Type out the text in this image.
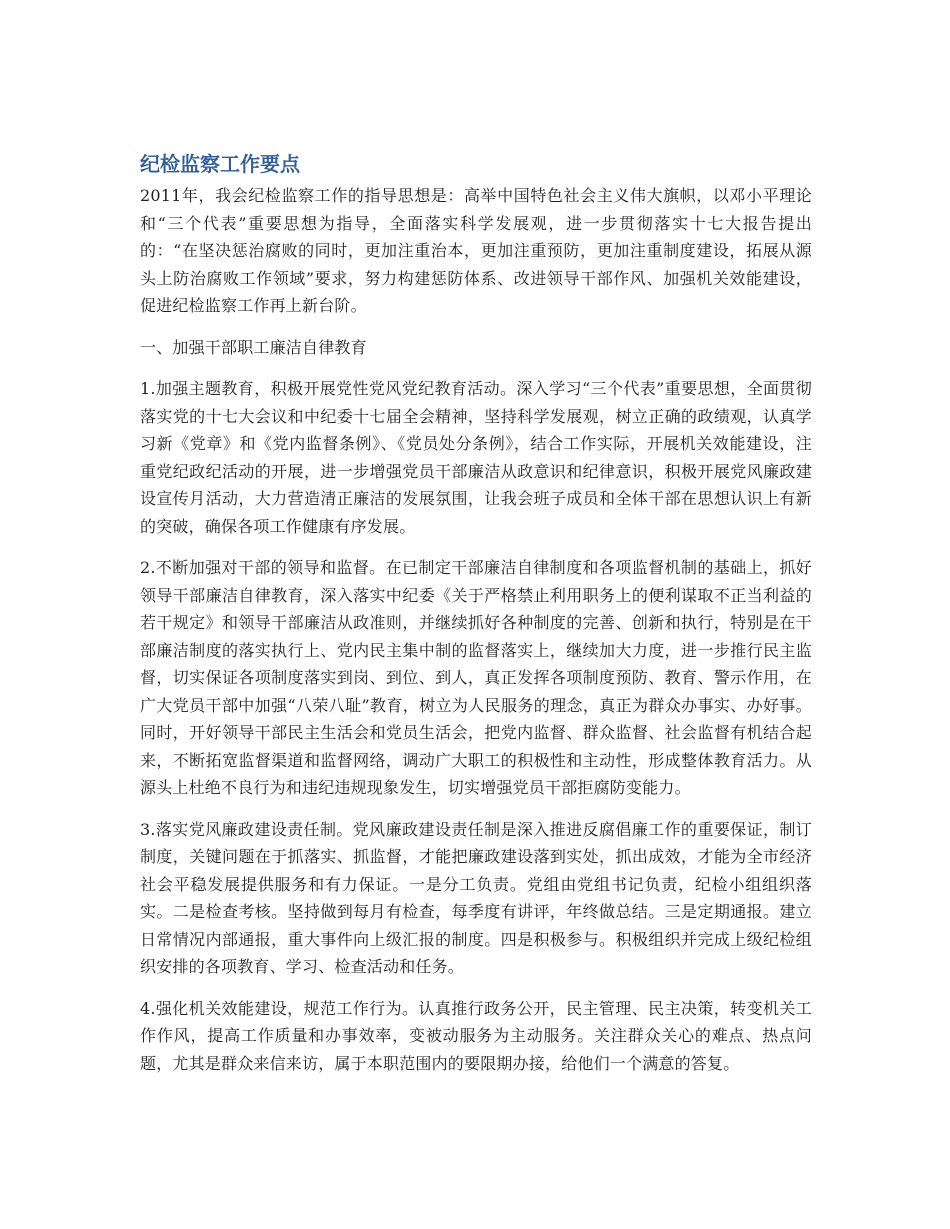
纪检监察工作要点

2011年，我会纪检监察工作的指导思想是：高举中国特色社会主义伟大旗帜，以邓小平理论和“三个代表”重要思想为指导，全面落实科学发展观，进一步贯彻落实十七大报告提出的：“在坚决惩治腐败的同时，更加注重治本，更加注重预防，更加注重制度建设，拓展从源头上防治腐败工作领域”要求，努力构建惩防体系、改进领导干部作风、加强机关效能建设，促进纪检监察工作再上新台阶。

一、加强干部职工廉洁自律教育

1.加强主题教育，积极开展党性党风党纪教育活动。深入学习“三个代表”重要思想，全面贯彻落实党的十七大会议和中纪委十七届全会精神，坚持科学发展观，树立正确的政绩观，认真学习新《党章》和《党内监督条例》、《党员处分条例》，结合工作实际，开展机关效能建设，注重党纪政纪活动的开展，进一步增强党员干部廉洁从政意识和纪律意识，积极开展党风廉政建设宣传月活动，大力营造清正廉洁的发展氛围，让我会班子成员和全体干部在思想认识上有新的突破，确保各项工作健康有序发展。

2.不断加强对干部的领导和监督。在已制定干部廉洁自律制度和各项监督机制的基础上，抓好领导干部廉洁自律教育，深入落实中纪委《关于严格禁止利用职务上的便利谋取不正当利益的若干规定》和领导干部廉洁从政准则，并继续抓好各种制度的完善、创新和执行，特别是在干部廉洁制度的落实执行上、党内民主集中制的监督落实上，继续加大力度，进一步推行民主监督，切实保证各项制度落实到岗、到位、到人，真正发挥各项制度预防、教育、警示作用，在广大党员干部中加强“八荣八耻”教育，树立为人民服务的理念，真正为群众办事实、办好事。同时，开好领导干部民主生活会和党员生活会，把党内监督、群众监督、社会监督有机结合起来，不断拓宽监督渠道和监督网络，调动广大职工的积极性和主动性，形成整体教育活力。从源头上杜绝不良行为和违纪违规现象发生，切实增强党员干部拒腐防变能力。

3.落实党风廉政建设责任制。党风廉政建设责任制是深入推进反腐倡廉工作的重要保证，制订制度，关键问题在于抓落实、抓监督，才能把廉政建设落到实处，抓出成效，才能为全市经济社会平稳发展提供服务和有力保证。一是分工负责。党组由党组书记负责，纪检小组组织落实。二是检查考核。坚持做到每月有检查，每季度有讲评，年终做总结。三是定期通报。建立日常情况内部通报，重大事件向上级汇报的制度。四是积极参与。积极组织并完成上级纪检组织安排的各项教育、学习、检查活动和任务。

4.强化机关效能建设，规范工作行为。认真推行政务公开，民主管理、民主决策，转变机关工作作风，提高工作质量和办事效率，变被动服务为主动服务。关注群众关心的难点、热点问题，尤其是群众来信来访，属于本职范围内的要限期办接，给他们一个满意的答复。
